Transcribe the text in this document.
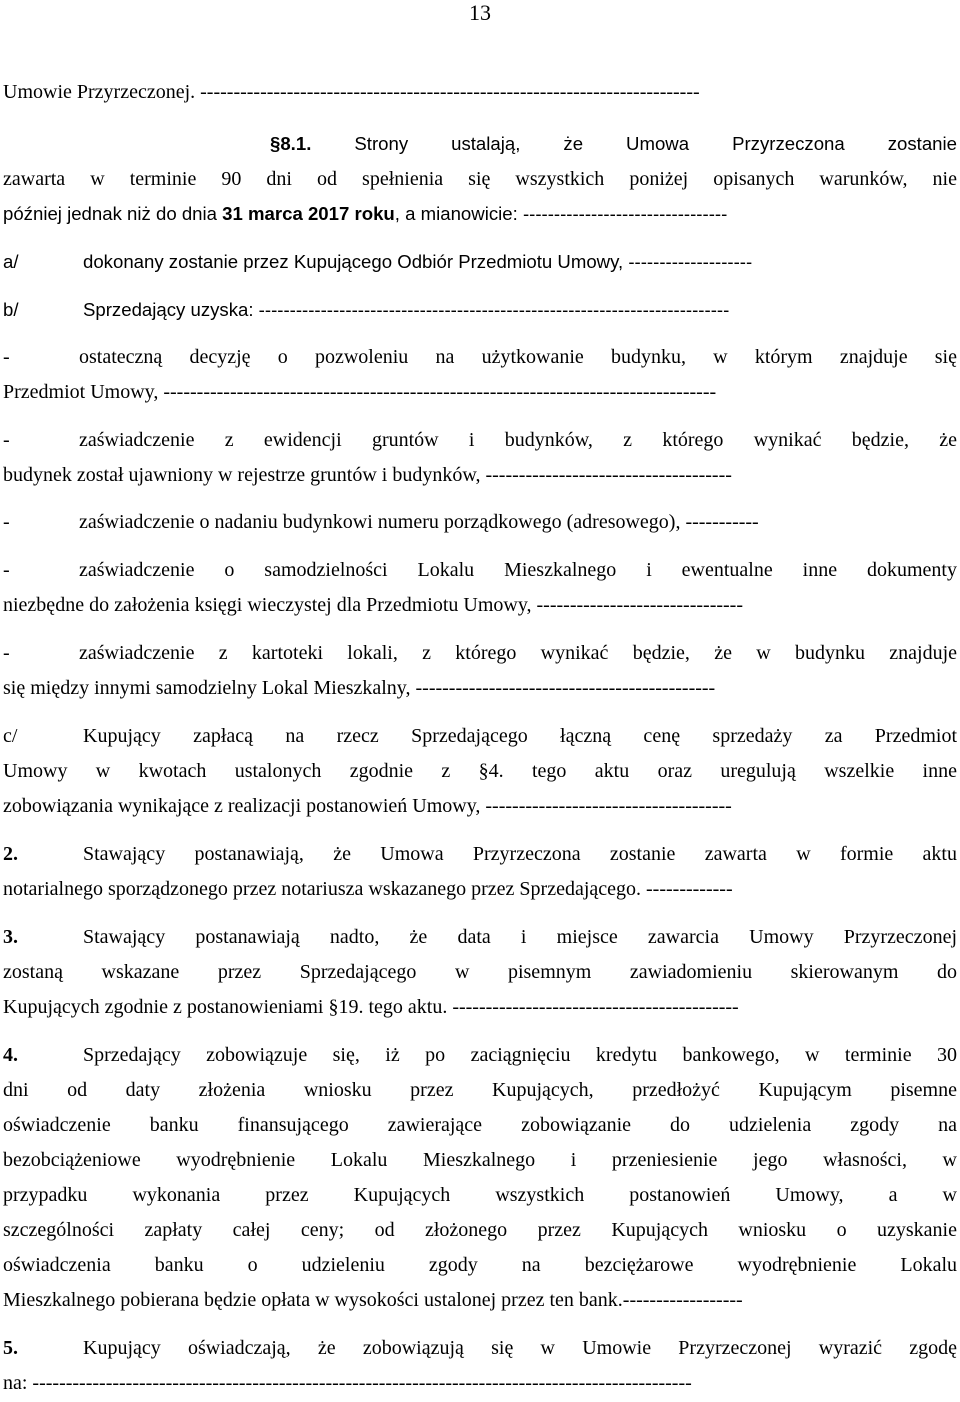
13
Umowie Przyrzeczonej. ---------------------------------------------------------------------------
§8.1. Strony ustalają, że Umowa Przyrzeczona zostanie
zawarta w terminie 90 dni od spełnienia się wszystkich poniżej opisanych warunków, nie
później jednak niż do dnia 31 marca 2017 roku, a mianowicie: ---------------------------------
a/	dokonany zostanie przez Kupującego Odbiór Przedmiotu Umowy, --------------------
b/	Sprzedający uzyska: ----------------------------------------------------------------------------
-	ostateczną decyzję o pozwoleniu na użytkowanie budynku, w którym znajduje się
Przedmiot Umowy, -----------------------------------------------------------------------------------
-	zaświadczenie z ewidencji gruntów i budynków, z którego wynikać będzie, że
budynek został ujawniony w rejestrze gruntów i budynków, -------------------------------------
-	zaświadczenie o nadaniu budynkowi numeru porządkowego (adresowego), -----------
-	zaświadczenie o samodzielności Lokalu Mieszkalnego i ewentualne inne dokumenty
niezbędne do założenia księgi wieczystej dla Przedmiotu Umowy, -------------------------------
-	zaświadczenie z kartoteki lokali, z którego wynikać będzie, że w budynku znajduje
się między innymi samodzielny Lokal Mieszkalny, ---------------------------------------------
c/	Kupujący zapłacą na rzecz Sprzedającego łączną cenę sprzedaży za Przedmiot
Umowy w kwotach ustalonych zgodnie z §4. tego aktu oraz uregulują wszelkie inne
zobowiązania wynikające z realizacji postanowień Umowy, -------------------------------------
2.	Stawający postanawiają, że Umowa Przyrzeczona zostanie zawarta w formie aktu
notarialnego sporządzonego przez notariusza wskazanego przez Sprzedającego. -------------
3.	Stawający postanawiają nadto, że data i miejsce zawarcia Umowy Przyrzeczonej
zostaną wskazane przez Sprzedającego w pisemnym zawiadomieniu skierowanym do
Kupujących zgodnie z postanowieniami §19. tego aktu. -------------------------------------------
4.	Sprzedający zobowiązuje się, iż po zaciągnięciu kredytu bankowego, w terminie 30
dni od daty złożenia wniosku przez Kupujących, przedłożyć Kupującym pisemne
oświadczenie banku finansującego zawierające zobowiązanie do udzielenia zgody na
bezobciążeniowe wyodrębnienie Lokalu Mieszkalnego i przeniesienie jego własności, w
przypadku wykonania przez Kupujących wszystkich postanowień Umowy, a w
szczególności zapłaty całej ceny; od złożonego przez Kupujących wniosku o uzyskanie
oświadczenia banku o udzieleniu zgody na bezciężarowe wyodrębnienie Lokalu
Mieszkalnego pobierana będzie opłata w wysokości ustalonej przez ten bank.------------------
5.	Kupujący oświadczają, że zobowiązują się w Umowie Przyrzeczonej wyrazić zgodę
na: ---------------------------------------------------------------------------------------------------
